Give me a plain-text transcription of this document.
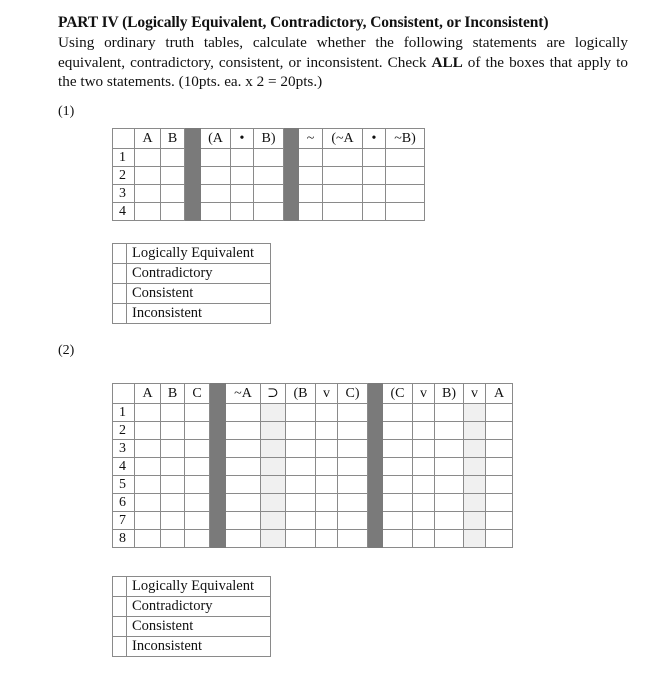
PART IV (Logically Equivalent, Contradictory, Consistent, or Inconsistent)
Using ordinary truth tables, calculate whether the following statements are logically equivalent, contradictory, consistent, or inconsistent. Check ALL of the boxes that apply to the two statements. (10pts. ea. x 2 = 20pts.)
(1)
	A	B		(A	•	B)		~	(~A	•	~B)
1											
2											
3											
4											
	Logically Equivalent
	Contradictory
	Consistent
	Inconsistent
(2)
	A	B	C		~A	⊃	(B	v	C)		(C	v	B)	v	A
1															
2															
3															
4															
5															
6															
7															
8															
	Logically Equivalent
	Contradictory
	Consistent
	Inconsistent
